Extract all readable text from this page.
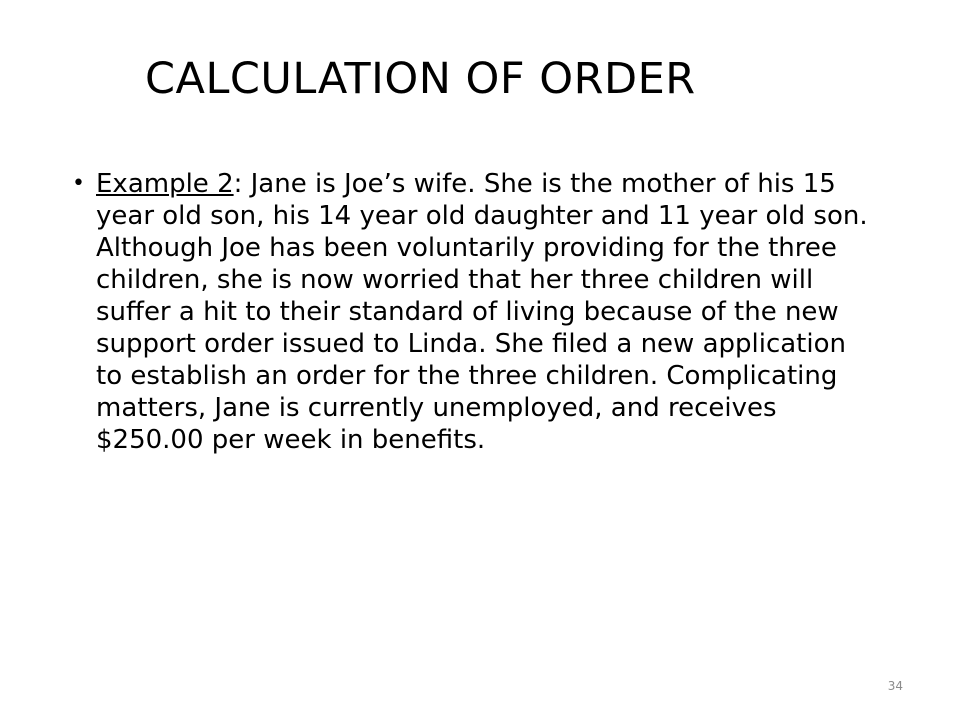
CALCULATION OF ORDER
• Example 2: Jane is Joe’s wife. She is the mother of his 15 year old son, his 14 year old daughter and 11 year old son. Although Joe has been voluntarily providing for the three children, she is now worried that her three children will suffer a hit to their standard of living because of the new support order issued to Linda. She filed a new application to establish an order for the three children. Complicating matters, Jane is currently unemployed, and receives $250.00 per week in benefits.
34
